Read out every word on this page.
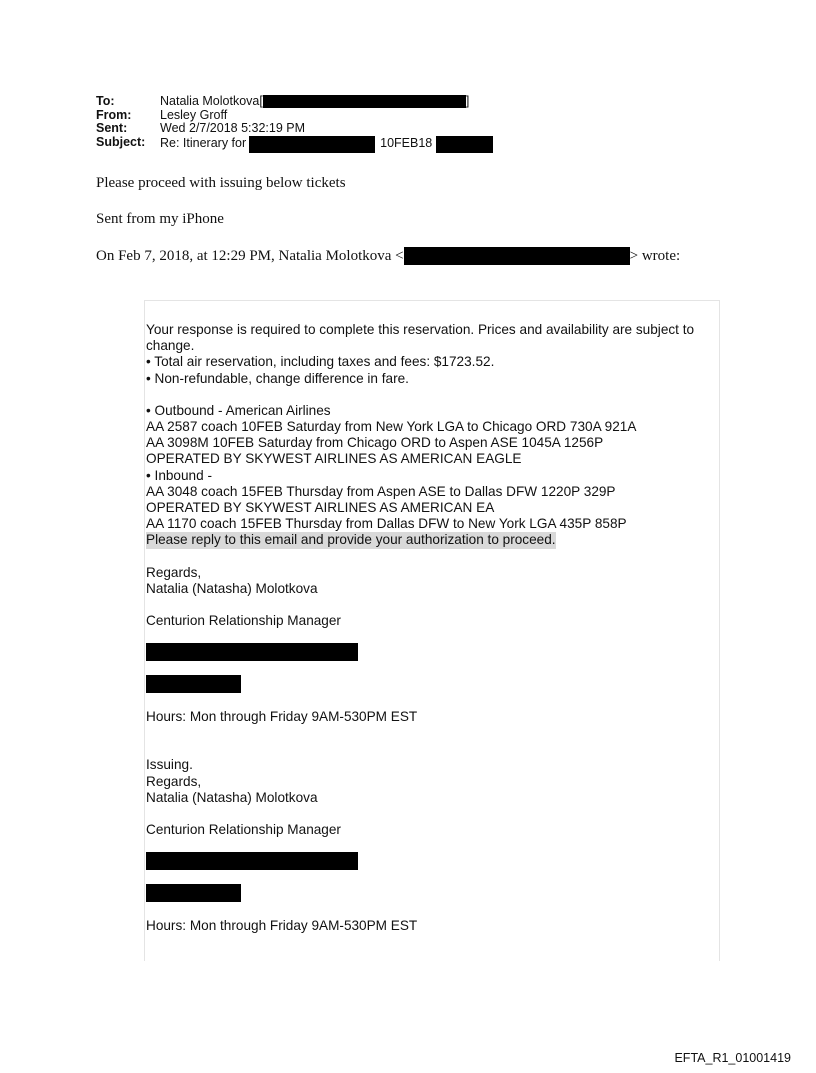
To:	Natalia Molotkova[	]
From:	Lesley Groff
Sent:	Wed 2/7/2018 5:32:19 PM
Subject:	Re: Itinerary for	10FEB18
Please proceed with issuing below tickets
Sent from my iPhone
On Feb 7, 2018, at 12:29 PM, Natalia Molotkova <	> wrote:
Your response is required to complete this reservation. Prices and availability are subject to change.
• Total air reservation, including taxes and fees: $1723.52.
• Non-refundable, change difference in fare.
• Outbound - American Airlines
AA 2587 coach 10FEB Saturday from New York LGA to Chicago ORD 730A 921A
AA 3098M 10FEB Saturday from Chicago ORD to Aspen ASE 1045A 1256P
OPERATED BY SKYWEST AIRLINES AS AMERICAN EAGLE
• Inbound -
AA 3048 coach 15FEB Thursday from Aspen ASE to Dallas DFW 1220P 329P
OPERATED BY SKYWEST AIRLINES AS AMERICAN EA
AA 1170 coach 15FEB Thursday from Dallas DFW to New York LGA 435P 858P
Please reply to this email and provide your authorization to proceed.
Regards,
Natalia (Natasha) Molotkova
Centurion Relationship Manager
Hours: Mon through Friday 9AM-530PM EST
Issuing.
Regards,
Natalia (Natasha) Molotkova
Centurion Relationship Manager
Hours: Mon through Friday 9AM-530PM EST
EFTA_R1_01001419
